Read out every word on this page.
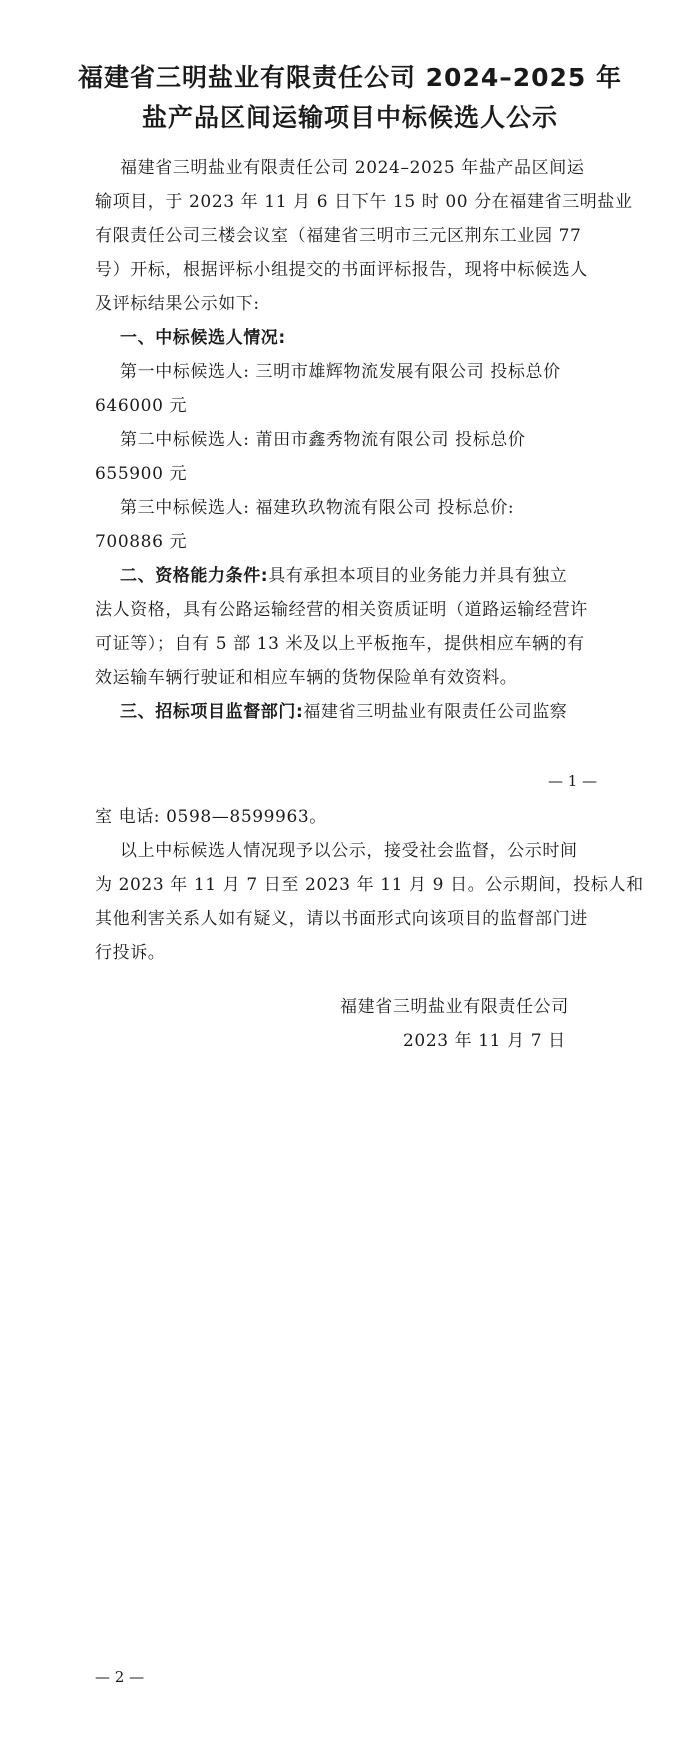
福建省三明盐业有限责任公司 2024–2025 年
盐产品区间运输项目中标候选人公示
福建省三明盐业有限责任公司 2024–2025 年盐产品区间运
输项目，于 2023 年 11 月 6 日下午 15 时 00 分在福建省三明盐业
有限责任公司三楼会议室（福建省三明市三元区荆东工业园 77
号）开标，根据评标小组提交的书面评标报告，现将中标候选人
及评标结果公示如下:
一、中标候选人情况:
第一中标候选人: 三明市雄辉物流发展有限公司 投标总价
646000 元
第二中标候选人: 莆田市鑫秀物流有限公司 投标总价
655900 元
第三中标候选人: 福建玖玖物流有限公司 投标总价:
700886 元
二、资格能力条件:具有承担本项目的业务能力并具有独立
法人资格，具有公路运输经营的相关资质证明（道路运输经营许
可证等）；自有 5 部 13 米及以上平板拖车，提供相应车辆的有
效运输车辆行驶证和相应车辆的货物保险单有效资料。
三、招标项目监督部门:福建省三明盐业有限责任公司监察
— 1 —
室 电话: 0598—8599963。
以上中标候选人情况现予以公示，接受社会监督，公示时间
为 2023 年 11 月 7 日至 2023 年 11 月 9 日。公示期间，投标人和
其他利害关系人如有疑义，请以书面形式向该项目的监督部门进
行投诉。
福建省三明盐业有限责任公司
2023 年 11 月 7 日
— 2 —
